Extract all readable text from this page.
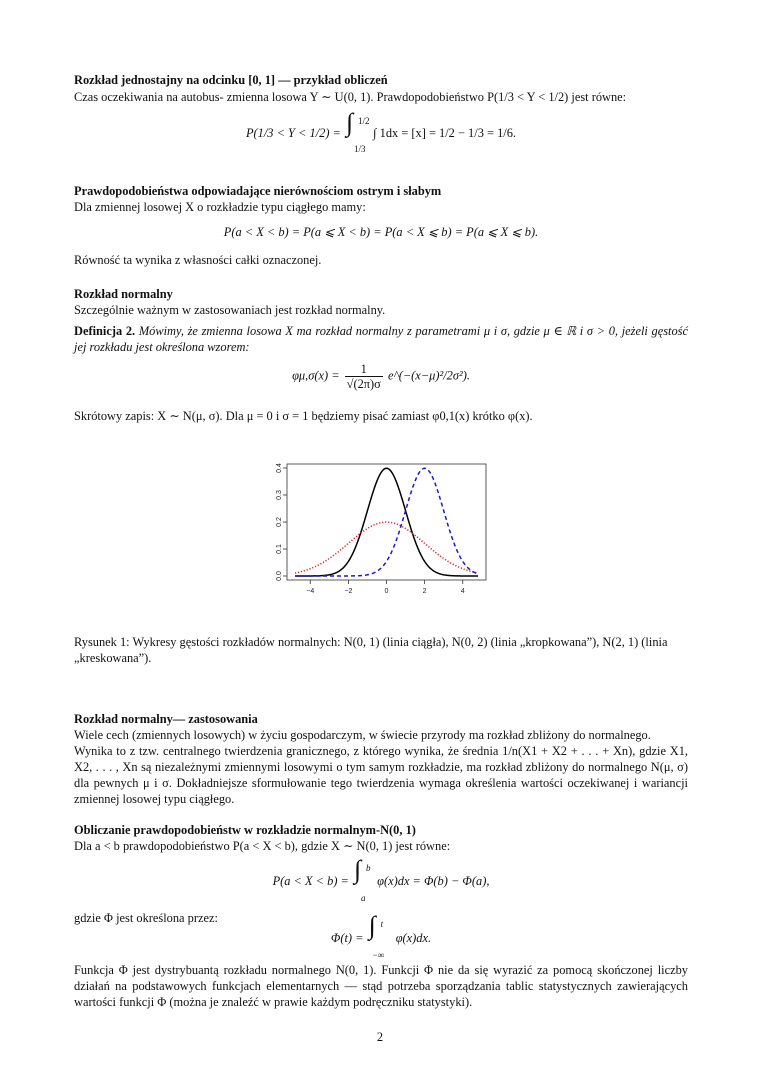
Rozkład jednostajny na odcinku [0, 1] — przykład obliczeń

Czas oczekiwania na autobus- zmienna losowa Y ∼ U(0, 1). Prawdopodobieństwo P(1/3 < Y < 1/2) jest równe:

P(1/3 < Y < 1/2) = ∫ 1/2
1/3
∫ 1dx = [x] = 1/2 − 1/3 = 1/6.

Prawdopodobieństwa odpowiadające nierównościom ostrym i słabym

Dla zmiennej losowej X o rozkładzie typu ciągłego mamy:

P(a < X < b) = P(a ⩽ X < b) = P(a < X ⩽ b) = P(a ⩽ X ⩽ b).

Równość ta wynika z własności całki oznaczonej.

Rozkład normalny

Szczególnie ważnym w zastosowaniach jest rozkład normalny.

Definicja 2. Mówimy, że zmienna losowa X ma rozkład normalny z parametrami μ i σ, gdzie μ ∈ ℝ i σ > 0, jeżeli gęstość jej rozkładu jest określona wzorem:

$\varphi\mu,\sigma(x) = \frac{1}{√(2\pi)\sigma}$ e^(−(x−μ)²/2σ²).

Skrótowy zapis: X ∼ N(μ, σ). Dla μ = 0 i σ = 1 będziemy pisać zamiast φ0,1(x) krótko φ(x).

−4	−2	0	2	4
0.0
0.1
0.2
0.3
0.4

Rysunek 1: Wykresy gęstości rozkładów normalnych: N(0, 1) (linia ciągła), N(0, 2) (linia „kropkowana”), N(2, 1) (linia „kreskowana”).

Rozkład normalny— zastosowania

Wiele cech (zmiennych losowych) w życiu gospodarczym, w świecie przyrody ma rozkład zbliżony do normalnego.

Wynika to z tzw. centralnego twierdzenia granicznego, z którego wynika, że średnia 1/n(X1 + X2 + . . . + Xn), gdzie X1, X2, . . . , Xn są niezależnymi zmiennymi losowymi o tym samym rozkładzie, ma rozkład zbliżony do normalnego N(μ, σ) dla pewnych μ i σ. Dokładniejsze sformułowanie tego twierdzenia wymaga określenia wartości oczekiwanej i wariancji zmiennej losowej typu ciągłego.

Obliczanie prawdopodobieństw w rozkładzie normalnym-N(0, 1)

Dla a < b prawdopodobieństwo P(a < X < b), gdzie X ∼ N(0, 1) jest równe:

P(a < X < b) = ∫ b
a
φ(x)dx = Φ(b) − Φ(a),

gdzie Φ jest określona przez:

Φ(t) = ∫ t
−∞
φ(x)dx.

Funkcja Φ jest dystrybuantą rozkładu normalnego N(0, 1). Funkcji Φ nie da się wyrazić za pomocą skończonej liczby działań na podstawowych funkcjach elementarnych — stąd potrzeba sporządzania tablic statystycznych zawierających wartości funkcji Φ (można je znaleźć w prawie każdym podręczniku statystyki).

2
